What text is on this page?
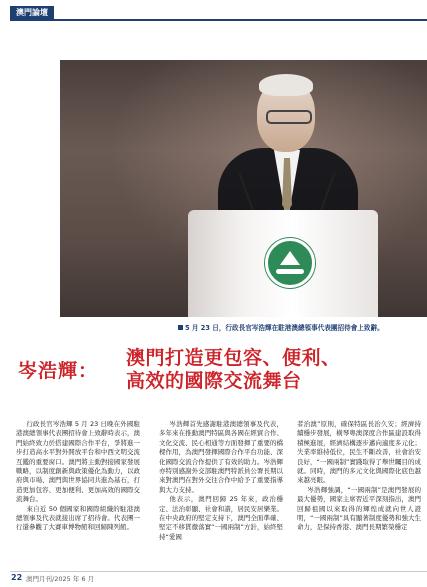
澳門論壇
5 月 23 日，行政長官岑浩輝在駐港澳總領事代表團招待會上致辭。
岑浩輝：
澳門打造更包容、便利、
高效的國際交流舞台

行政長官岑浩輝 5 月 23 日晚在外國駐港澳總領事代表團招待會上致辭時表示，澳門始終致力於搭建國際合作平台，爭將進一步打造高水平對外開放平台和中西文明交流互鑑的重要窗口。澳門將主動對接國家發展戰略，以制度創新與政策優化為動力，以政府與市場、澳門與世界協同共進為基石，打造更加包容、更加便利、更加高效的國際交流舞台。

來自近 50 個國家和國際組織的駐港澳總領事及代表就接出席了招待會。代表團一行還參觀了大賽車博物館和回歸陳列館。

岑浩輝首先感謝駐港澳總領事及代表，多年來在推動澳門特區與各國在經貿合作、文化交流、民心相通等方面發揮了重要的橋樑作用，為澳門發揮國際合作平台功能、深化國際交流合作提供了有效的助力。岑浩輝亦特別感謝外交部駐澳門特派員公署長期以來對澳門在對外交往合作中給予了重要指導與大力支持。

他表示，澳門回歸 25 年來，政治穩定、法治彰顯、社會和諧，居民安居樂業。在中央政府的堅定支持下，澳門全面準確、堅定不移貫徹落實“一國兩制”方針，始終堅持“愛國

者治澳”原則，確保特區長治久安；經濟持續穩步發展，橫琴粵澳深度合作區建設取得積極進展，經濟結構逐步邁向適度多元化；失業率維持低位，民生不斷改善，社會治安良好，“一國兩制”實踐取得了舉世矚目的成就。同時，澳門的多元文化與國際化底色越來越亮眼。

岑浩輝強調，“一國兩制”是澳門發展的最大優勢，國家主席習近平深刻指出，澳門回歸祖國以來取得的輝煌成就向世人證明，“一國兩制”具有顯著制度優勢和強大生命力，是保持香港、澳門長期繁榮穩定

22 澳門月刊/2025 年 6 月
